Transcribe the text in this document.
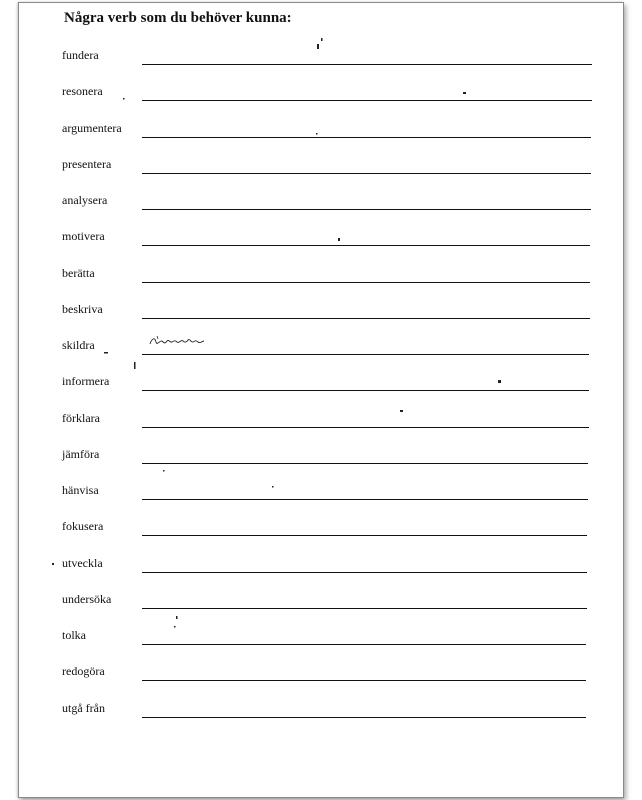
Några verb som du behöver kunna:
fundera
resonera
argumentera
presentera
analysera
motivera
berätta
beskriva
skildra
informera
förklara
jämföra
hänvisa
fokusera
utveckla
undersöka
tolka
redogöra
utgå från
